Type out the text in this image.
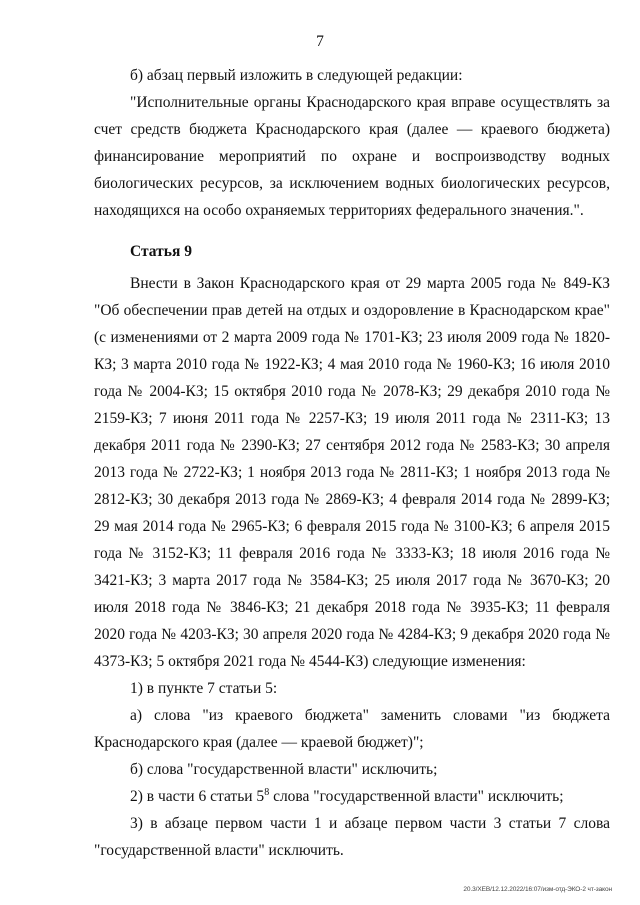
7

б) абзац первый изложить в следующей редакции:

"Исполнительные органы Краснодарского края вправе осуществлять за счет средств бюджета Краснодарского края (далее — краевого бюджета) финансирование мероприятий по охране и воспроизводству водных биологических ресурсов, за исключением водных биологических ресурсов, находящихся на особо охраняемых территориях федерального значения.".

Статья 9

Внести в Закон Краснодарского края от 29 марта 2005 года № 849-КЗ "Об обеспечении прав детей на отдых и оздоровление в Краснодарском крае" (с изменениями от 2 марта 2009 года № 1701-КЗ; 23 июля 2009 года № 1820-КЗ; 3 марта 2010 года № 1922-КЗ; 4 мая 2010 года № 1960-КЗ; 16 июля 2010 года № 2004-КЗ; 15 октября 2010 года № 2078-КЗ; 29 декабря 2010 года № 2159-КЗ; 7 июня 2011 года № 2257-КЗ; 19 июля 2011 года № 2311-КЗ; 13 декабря 2011 года № 2390-КЗ; 27 сентября 2012 года № 2583-КЗ; 30 апреля 2013 года № 2722-КЗ; 1 ноября 2013 года № 2811-КЗ; 1 ноября 2013 года № 2812-КЗ; 30 декабря 2013 года № 2869-КЗ; 4 февраля 2014 года № 2899-КЗ; 29 мая 2014 года № 2965-КЗ; 6 февраля 2015 года № 3100-КЗ; 6 апреля 2015 года № 3152-КЗ; 11 февраля 2016 года № 3333-КЗ; 18 июля 2016 года № 3421-КЗ; 3 марта 2017 года № 3584-КЗ; 25 июля 2017 года № 3670-КЗ; 20 июля 2018 года № 3846-КЗ; 21 декабря 2018 года № 3935-КЗ; 11 февраля 2020 года № 4203-КЗ; 30 апреля 2020 года № 4284-КЗ; 9 декабря 2020 года № 4373-КЗ; 5 октября 2021 года № 4544-КЗ) следующие изменения:

1) в пункте 7 статьи 5:

а) слова "из краевого бюджета" заменить словами "из бюджета Краснодарского края (далее — краевой бюджет)";

б) слова "государственной власти" исключить;

2) в части 6 статьи $5^8$ слова "государственной власти" исключить;

3) в абзаце первом части 1 и абзаце первом части 3 статьи 7 слова "государственной власти" исключить.

20.3/ХЕВ/12.12.2022/16:07/изм-отд-ЭКО-2 чт-закон
